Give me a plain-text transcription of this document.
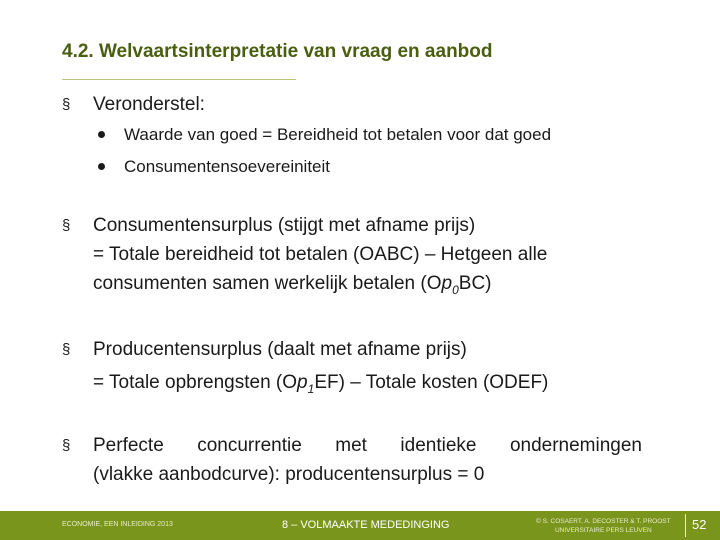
4.2. Welvaartsinterpretatie van vraag en aanbod
§	Veronderstel:
Waarde van goed = Bereidheid tot betalen voor dat goed
Consumentensoevereiniteit
§	Consumentensurplus (stijgt met afname prijs)
= Totale bereidheid tot betalen (OABC) – Hetgeen alle
consumenten samen werkelijk betalen $(Op_0BC)$
§	Producentensurplus (daalt met afname prijs)
= Totale opbrengsten $(Op_1EF)$ – Totale kosten (ODEF)
§	Perfecte concurrentie met identieke ondernemingen
(vlakke aanbodcurve): producentensurplus = 0
ECONOMIE, EEN INLEIDING 2013	8 – VOLMAAKTE MEDEDINGING	© S. COSAERT, A. DECOSTER & T. PROOST
UNIVERSITAIRE PERS LEUVEN	52
